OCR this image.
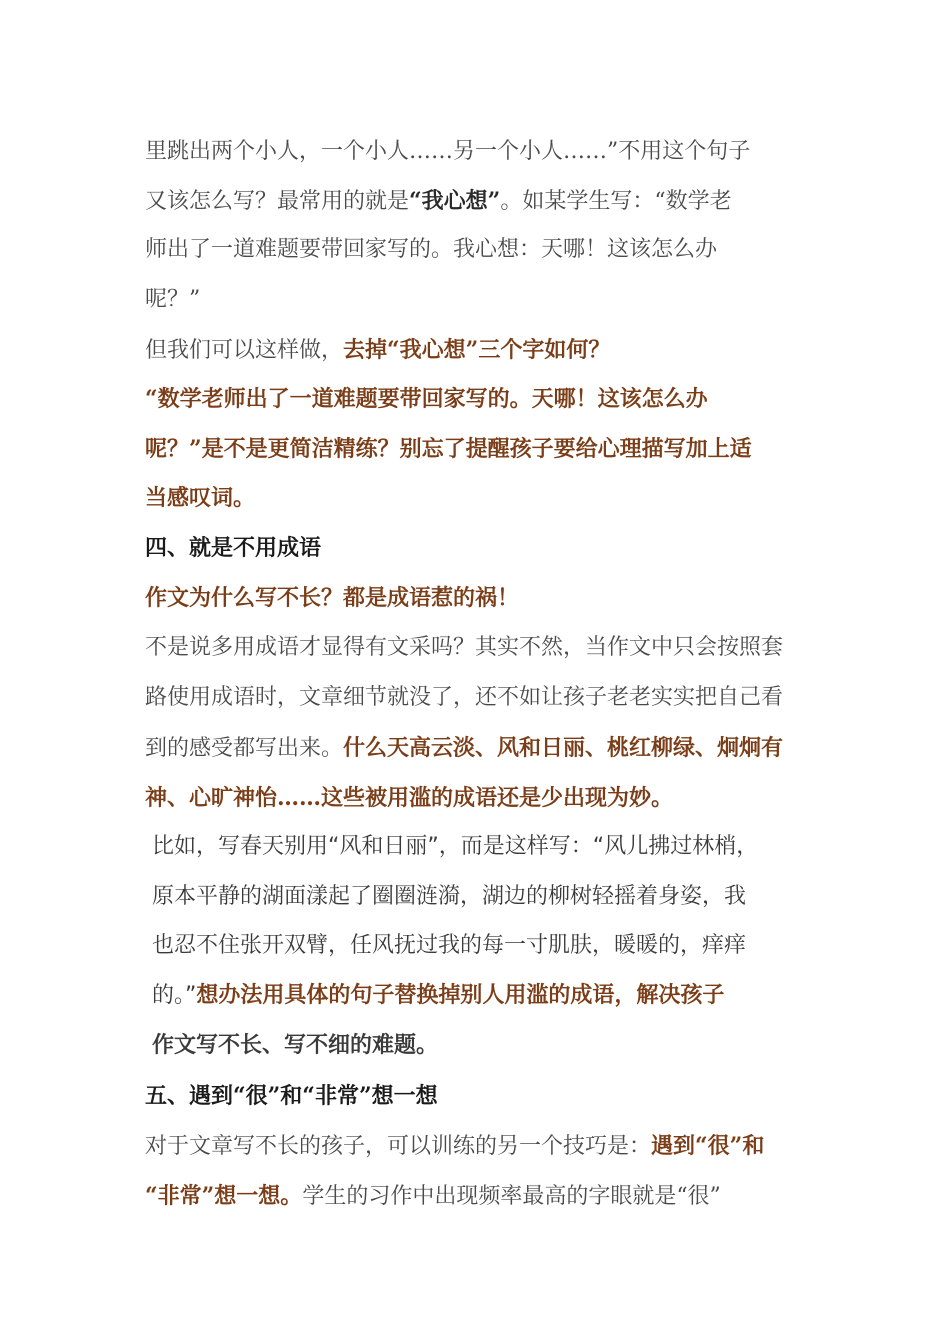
里跳出两个小人，一个小人……另一个小人……”不用这个句子
又该怎么写？最常用的就是“我心想”。如某学生写：“数学老
师出了一道难题要带回家写的。我心想：天哪！这该怎么办
呢？”
但我们可以这样做，去掉“我心想”三个字如何？
“数学老师出了一道难题要带回家写的。天哪！这该怎么办
呢？”是不是更简洁精练？别忘了提醒孩子要给心理描写加上适
当感叹词。
四、就是不用成语
作文为什么写不长？都是成语惹的祸！
不是说多用成语才显得有文采吗？其实不然，当作文中只会按照套
路使用成语时，文章细节就没了，还不如让孩子老老实实把自己看
到的感受都写出来。什么天高云淡、风和日丽、桃红柳绿、炯炯有
神、心旷神怡……这些被用滥的成语还是少出现为妙。
比如，写春天别用“风和日丽”，而是这样写：“风儿拂过林梢，
原本平静的湖面漾起了圈圈涟漪，湖边的柳树轻摇着身姿，我
也忍不住张开双臂，任风抚过我的每一寸肌肤，暖暖的，痒痒
的。”想办法用具体的句子替换掉别人用滥的成语，解决孩子
作文写不长、写不细的难题。
五、遇到“很”和“非常”想一想
对于文章写不长的孩子，可以训练的另一个技巧是：遇到“很”和
“非常”想一想。学生的习作中出现频率最高的字眼就是“很”
